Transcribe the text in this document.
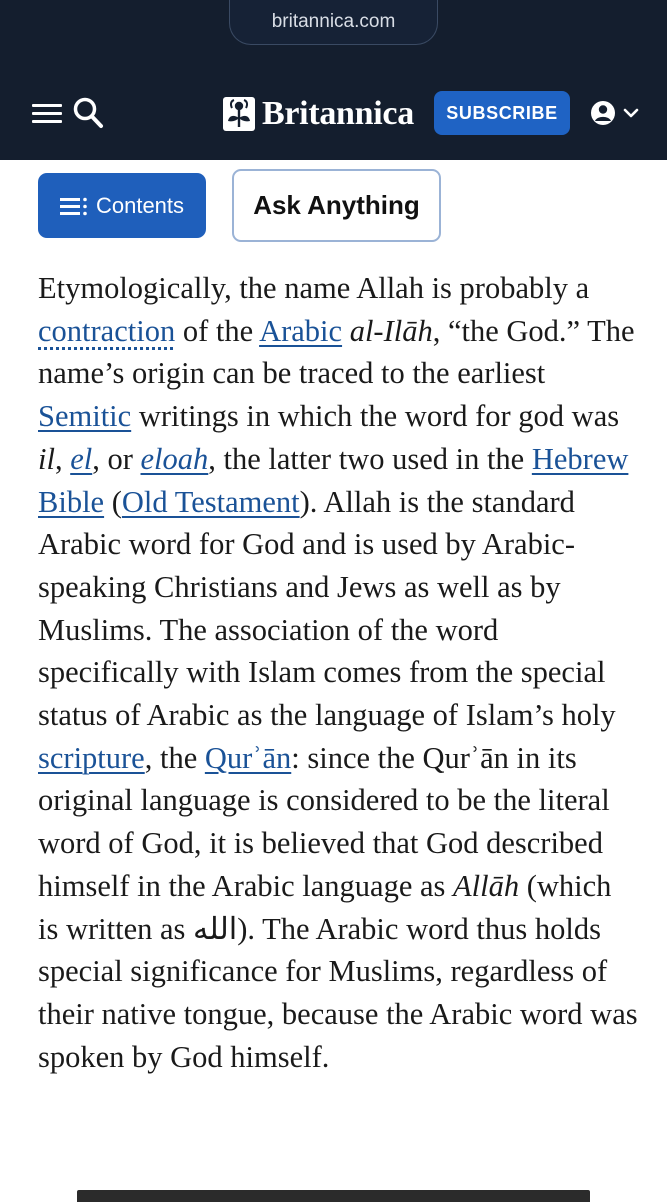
britannica.com
Britannica	SUBSCRIBE
Contents	Ask Anything
Etymologically, the name Allah is probably a contraction of the Arabic al-Ilāh, “the God.” The name’s origin can be traced to the earliest Semitic writings in which the word for god was il, el, or eloah, the latter two used in the Hebrew Bible (Old Testament). Allah is the standard Arabic word for God and is used by Arabic-speaking Christians and Jews as well as by Muslims. The association of the word specifically with Islam comes from the special status of Arabic as the language of Islam’s holy scripture, the Qurʾān: since the Qurʾān in its original language is considered to be the literal word of God, it is believed that God described himself in the Arabic language as Allāh (which is written as الله). The Arabic word thus holds special significance for Muslims, regardless of their native tongue, because the Arabic word was spoken by God himself.
